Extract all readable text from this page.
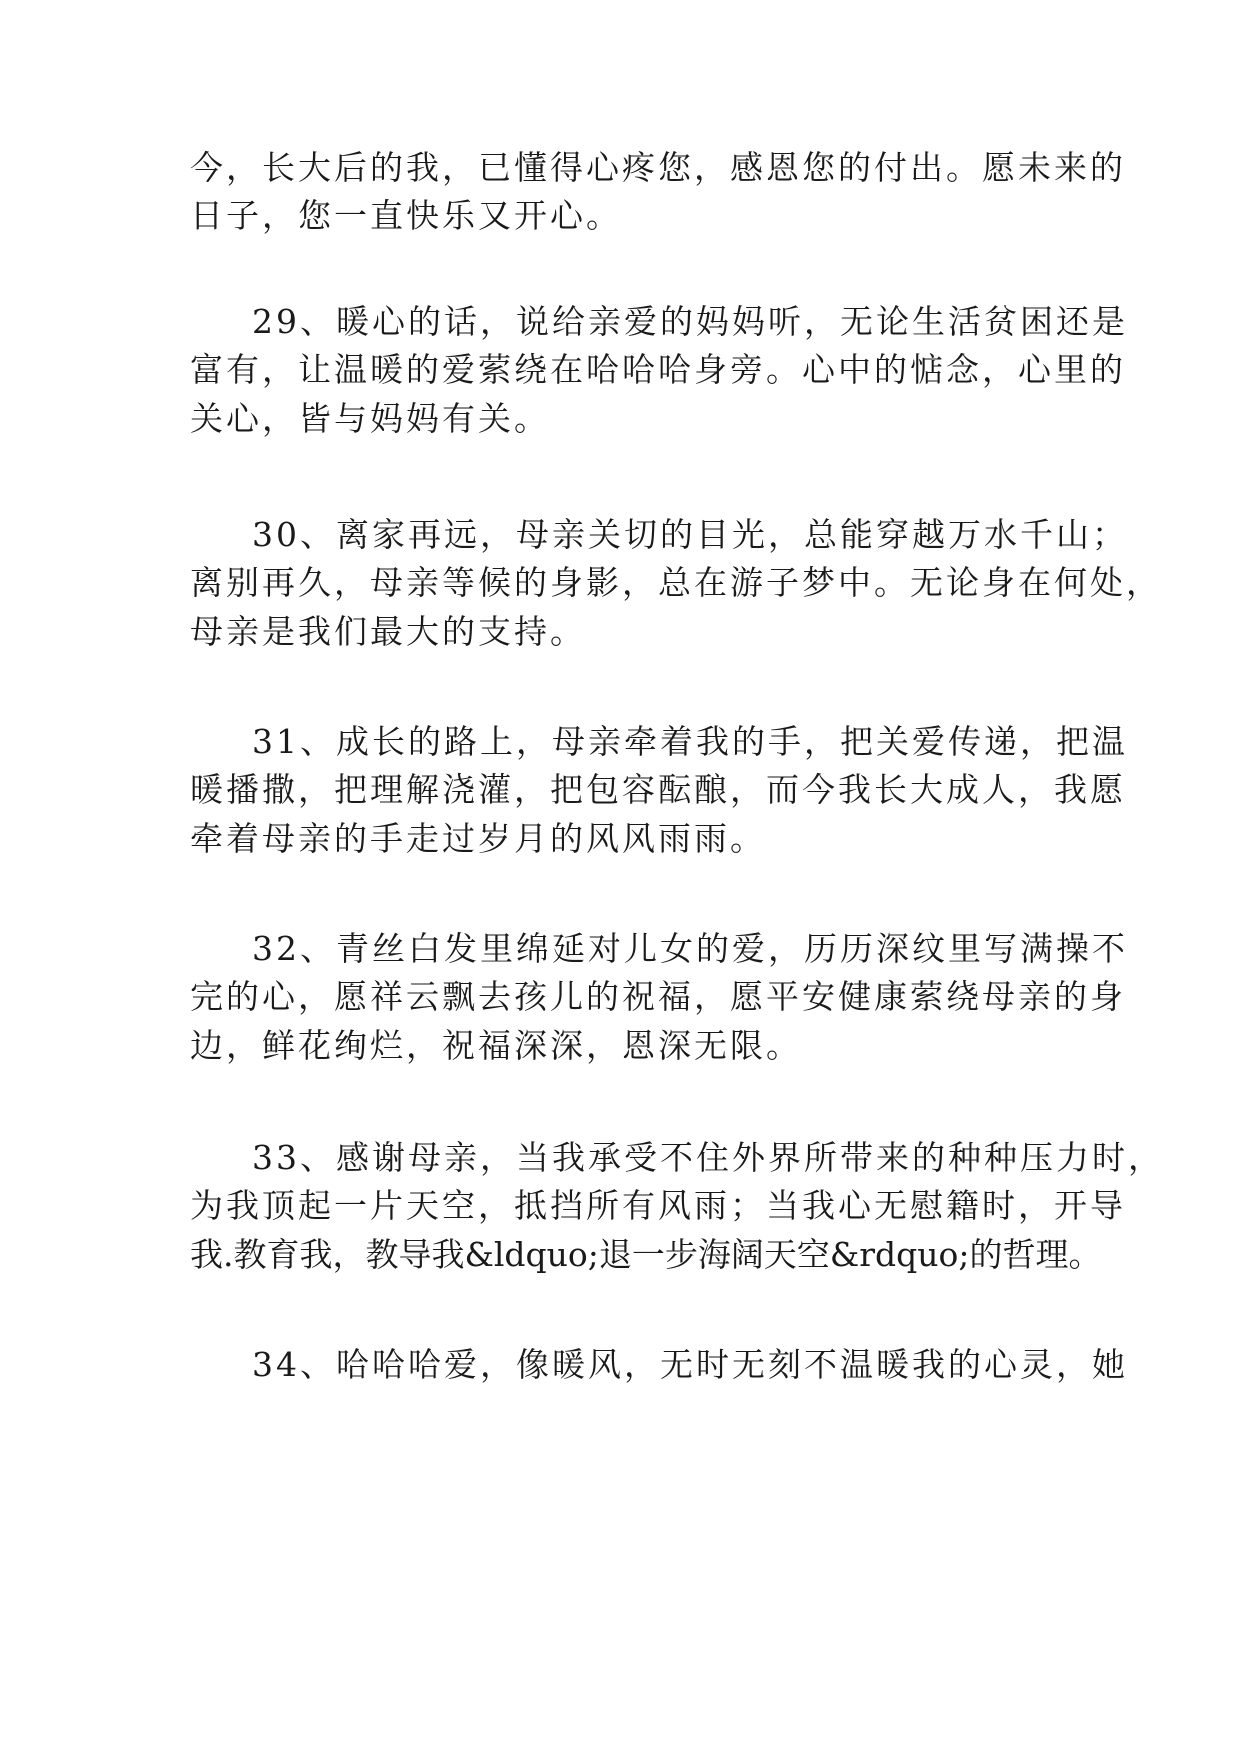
今，长大后的我，已懂得心疼您，感恩您的付出。愿未来的
日子，您一直快乐又开心。
29、暖心的话，说给亲爱的妈妈听，无论生活贫困还是
富有，让温暖的爱萦绕在哈哈哈身旁。心中的惦念，心里的
关心，皆与妈妈有关。
30、离家再远，母亲关切的目光，总能穿越万水千山；
离别再久，母亲等候的身影，总在游子梦中。无论身在何处，
母亲是我们最大的支持。
31、成长的路上，母亲牵着我的手，把关爱传递，把温
暖播撒，把理解浇灌，把包容酝酿，而今我长大成人，我愿
牵着母亲的手走过岁月的风风雨雨。
32、青丝白发里绵延对儿女的爱，历历深纹里写满操不
完的心，愿祥云飘去孩儿的祝福，愿平安健康萦绕母亲的身
边，鲜花绚烂，祝福深深，恩深无限。
33、感谢母亲，当我承受不住外界所带来的种种压力时，
为我顶起一片天空，抵挡所有风雨；当我心无慰籍时，开导
我.教育我，教导我&ldquo;退一步海阔天空&rdquo;的哲理。
34、哈哈哈爱，像暖风，无时无刻不温暖我的心灵，她
